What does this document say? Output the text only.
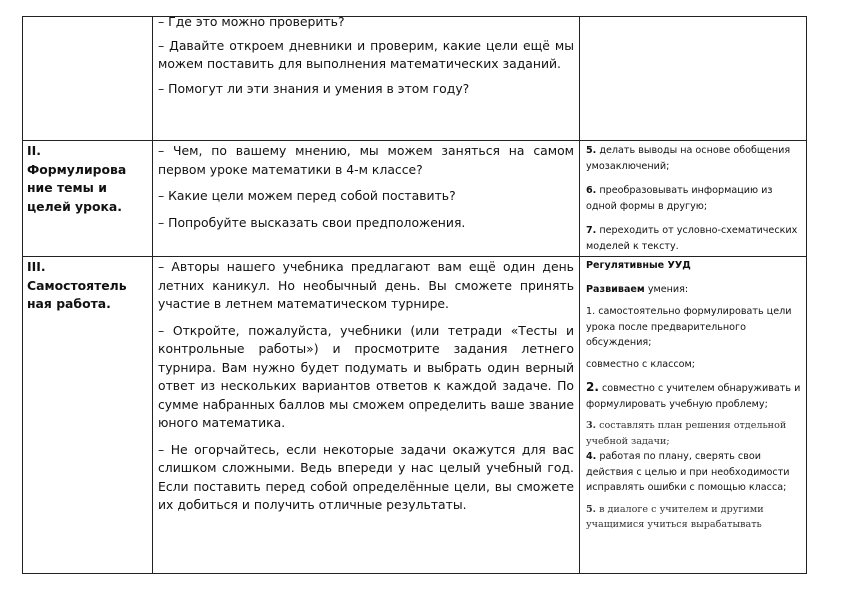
– Где это можно проверить?

– Давайте откроем дневники и проверим, какие цели ещё мы можем поставить для выполнения математических заданий.

– Помогут ли эти знания и умения в этом году?

II.
Формулирова
ние темы и
целей урока.

– Чем, по вашему мнению, мы можем заняться на самом первом уроке математики в 4-м классе?

– Какие цели можем перед собой поставить?

– Попробуйте высказать свои предположения.

5. делать выводы на основе обобщения умозаключений;

6. преобразовывать информацию из одной формы в другую;

7. переходить от условно-схематических моделей к тексту.

III.
Самостоятель
ная работа.

– Авторы нашего учебника предлагают вам ещё один день летних каникул. Но необычный день. Вы сможете принять участие в летнем математическом турнире.

– Откройте, пожалуйста, учебники (или тетради «Тесты и контрольные работы») и просмотрите задания летнего турнира. Вам нужно будет подумать и выбрать один верный ответ из нескольких вариантов ответов к каждой задаче. По сумме набранных баллов мы сможем определить ваше звание юного математика.

– Не огорчайтесь, если некоторые задачи окажутся для вас слишком сложными. Ведь впереди у нас целый учебный год. Если поставить перед собой определённые цели, вы сможете их добиться и получить отличные результаты.

Регулятивные УУД

Развиваем умения:

1. самостоятельно формулировать цели урока после предварительного обсуждения;

совместно с классом;

2. совместно с учителем обнаруживать и формулировать учебную проблему;

3. составлять план решения отдельной учебной задачи;

4. работая по плану, сверять свои действия с целью и при необходимости исправлять ошибки с помощью класса;

5. в диалоге с учителем и другими учащимися учиться вырабатывать
